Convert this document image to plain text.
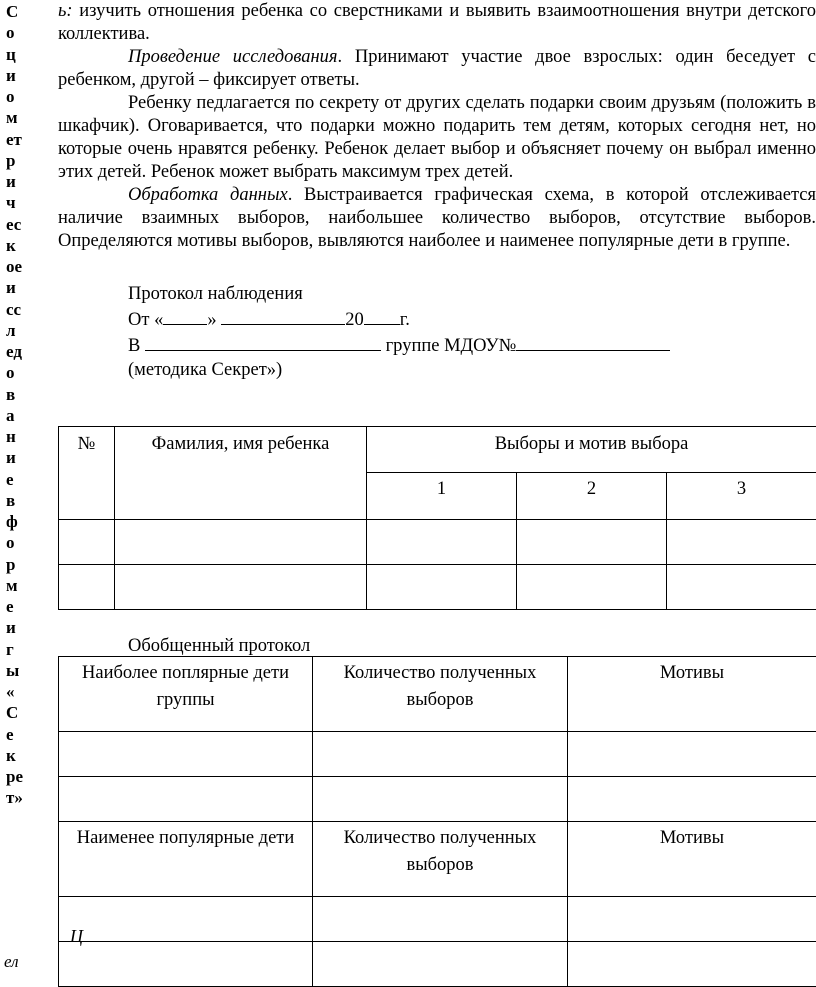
С
о
ц
и
о
м
ет
р
и
ч
ес
к
ое
и
сс
л
ед
о
в
а
н
и
е
в
ф
о
р
м
е
и
г
ы
«
С
е
к
ре
т»
ел

ь: изучить отношения ребенка со сверстниками и выявить взаимоотношения внутри детского коллектива.

Проведение исследования. Принимают участие двое взрослых: один беседует с ребенком, другой – фиксирует ответы.

Ребенку педлагается по секрету от других сделать подарки своим друзьям (положить в шкафчик). Оговаривается, что подарки можно подарить тем детям, которых сегодня нет, но которые очень нравятся ребенку. Ребенок делает выбор и объясняет почему он выбрал именно этих детей. Ребенок может выбрать максимум трех детей.

Обработка данных. Выстраивается графическая схема, в которой отслеживается наличие взаимных выборов, наибольшее количество выборов, отсутствие выборов. Определяются мотивы выборов, вывляются наиболее и наименее популярные дети в группе.

Протокол наблюдения
От « »	20 г.
В	группе МДОУ№
(методика Секрет»)
№	Фамилия, имя ребенка	Выборы и мотив выбора		
		1	2	3

Обобщенный протокол
Наиболее поплярные дети группы	Количество полученных выборов	Мотивы

Наименее популярные дети	Количество полученных выборов	Мотивы

Ц
